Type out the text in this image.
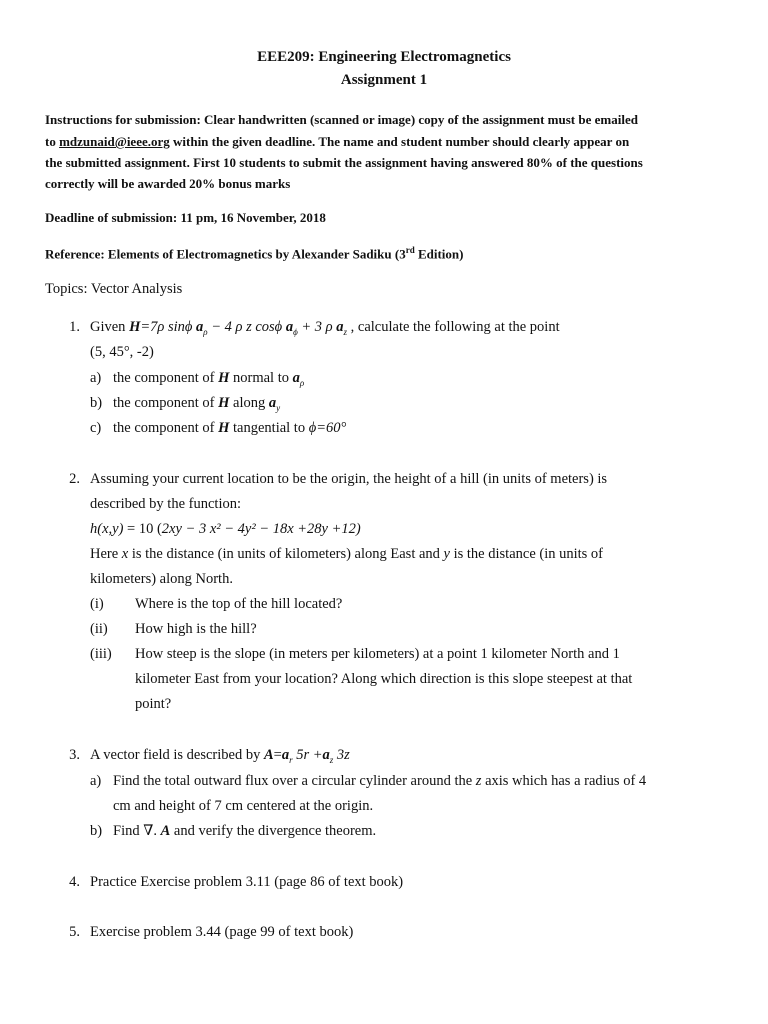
EEE209: Engineering Electromagnetics
Assignment 1
Instructions for submission: Clear handwritten (scanned or image) copy of the assignment must be emailed
to mdzunaid@ieee.org within the given deadline. The name and student number should clearly appear on
the submitted assignment. First 10 students to submit the assignment having answered 80% of the questions
correctly will be awarded 20% bonus marks
Deadline of submission: 11 pm, 16 November, 2018
Reference: Elements of Electromagnetics by Alexander Sadiku (3rd Edition)
Topics: Vector Analysis
1. Given H=7ρ sinϕ $a_\rho - 4$ ρ z cosϕ $a_\phi + 3$ ρ $a_z$ , calculate the following at the point
(5, 45°, -2)
a) the component of H normal to $a_\rho$
b) the component of H along $a_y$
c) the component of H tangential to ϕ=60°
2. Assuming your current location to be the origin, the height of a hill (in units of meters) is
described by the function:
h(x,y) = 10 (2xy − 3 x² − 4y² − 18x +28y +12)
Here x is the distance (in units of kilometers) along East and y is the distance (in units of
kilometers) along North.
(i) Where is the top of the hill located?
(ii) How high is the hill?
(iii) How steep is the slope (in meters per kilometers) at a point 1 kilometer North and 1
kilometer East from your location? Along which direction is this slope steepest at that
point?
3. A vector field is described by $A=a_r$ $5r +a_z$ 3z
a) Find the total outward flux over a circular cylinder around the z axis which has a radius of 4
cm and height of 7 cm centered at the origin.
b) Find ∇. A and verify the divergence theorem.
4. Practice Exercise problem 3.11 (page 86 of text book)
5. Exercise problem 3.44 (page 99 of text book)
